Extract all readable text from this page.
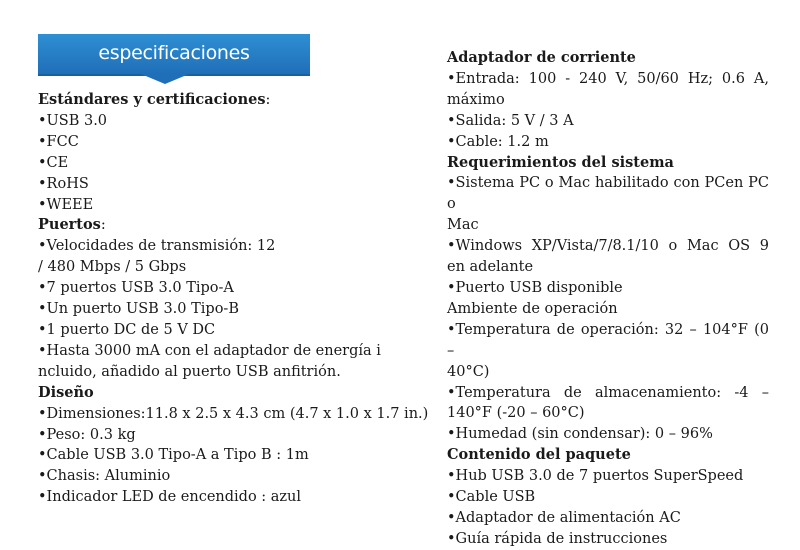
especificaciones
Estándares y certificaciones:
•USB 3.0
•FCC
•CE
•RoHS
•WEEE
Puertos:
•Velocidades de transmisión: 12
/ 480 Mbps / 5 Gbps
•7 puertos USB 3.0 Tipo-A
•Un puerto USB 3.0 Tipo-B
•1 puerto DC de 5 V DC
•Hasta 3000 mA con el adaptador de energía i
ncluido, añadido al puerto USB anfitrión.
Diseño
•Dimensiones:11.8 x 2.5 x 4.3 cm (4.7 x 1.0 x 1.7 in.)
•Peso: 0.3 kg
•Cable USB 3.0 Tipo-A a Tipo B : 1m
•Chasis: Aluminio
•Indicador LED de encendido : azul
Adaptador de corriente
•Entrada: 100 - 240 V, 50/60 Hz; 0.6 A,
máximo
•Salida: 5 V / 3 A
•Cable: 1.2 m
Requerimientos del sistema
•Sistema PC o Mac habilitado con PCen PC o
Mac
•Windows XP/Vista/7/8.1/10 o Mac OS 9
en adelante
•Puerto USB disponible
Ambiente de operación
•Temperatura de operación: 32 – 104°F (0 –
40°C)
•Temperatura de almacenamiento: -4 –
140°F (-20 – 60°C)
•Humedad (sin condensar): 0 – 96%
Contenido del paquete
•Hub USB 3.0 de 7 puertos SuperSpeed
•Cable USB
•Adaptador de alimentación AC
•Guía rápida de instrucciones
